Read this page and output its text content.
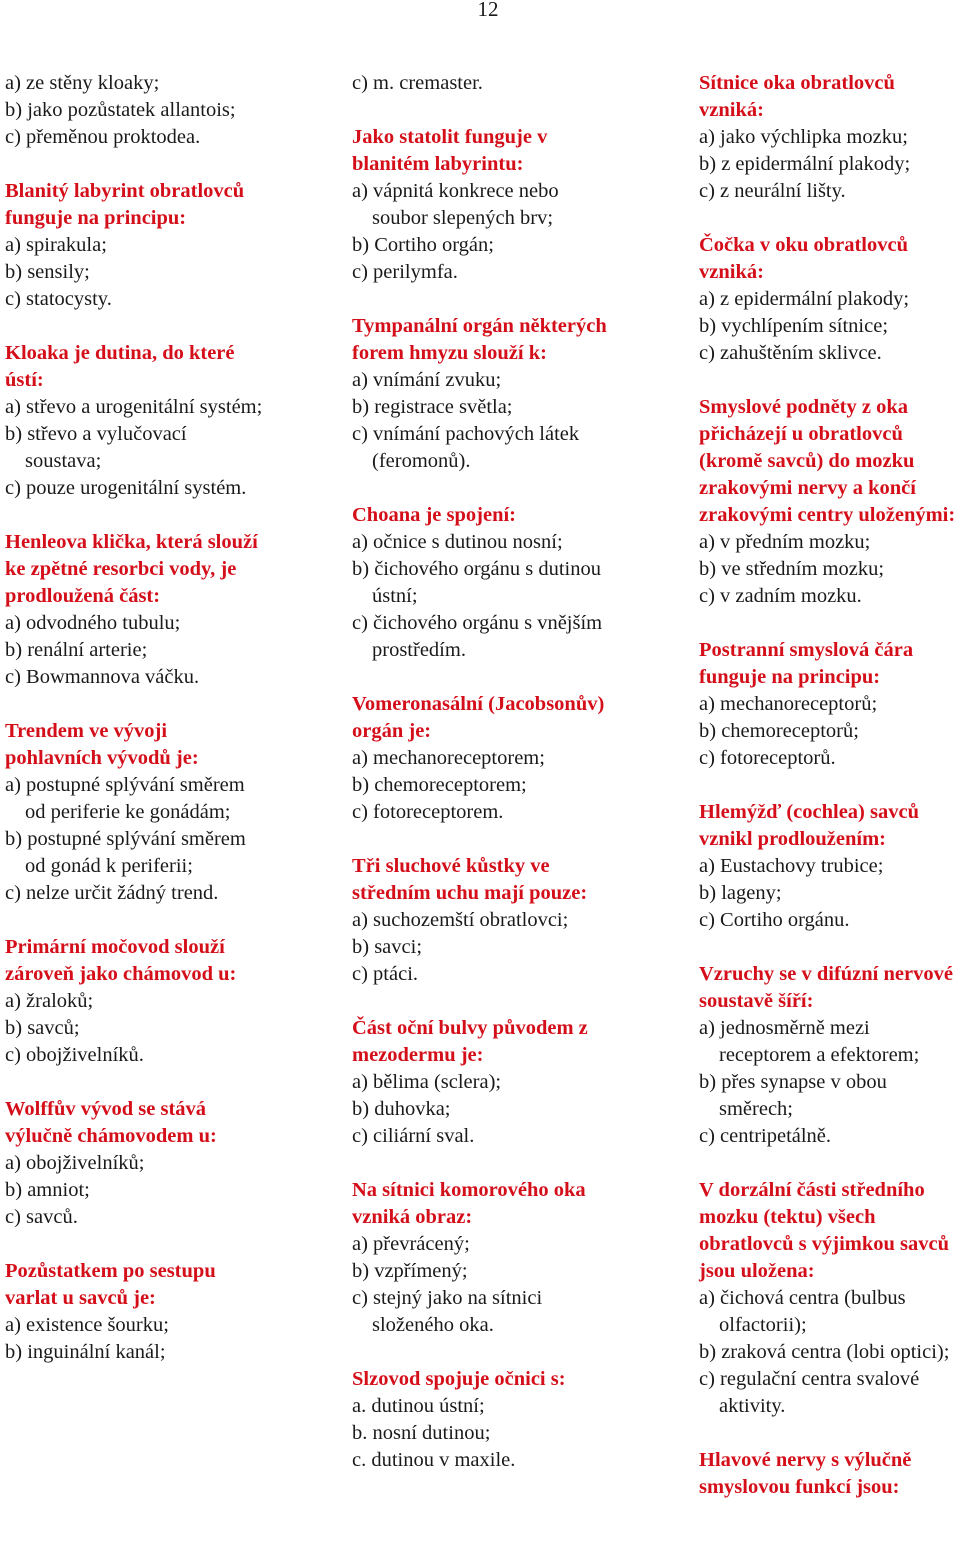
12
a) ze stěny kloaky;
b) jako pozůstatek allantois;
c) přeměnou proktodea.
Blanitý labyrint obratlovců funguje na principu:
a) spirakula;
b) sensily;
c) statocysty.
Kloaka je dutina, do které ústí:
a) střevo a urogenitální systém;
b) střevo a vylučovací soustava;
c) pouze urogenitální systém.
Henleova klička, která slouží ke zpětné resorbci vody, je prodloužená část:
a) odvodného tubulu;
b) renální arterie;
c) Bowmannova váčku.
Trendem ve vývoji pohlavních vývodů je:
a) postupné splývání směrem od periferie ke gonádám;
b) postupné splývání směrem od gonád k periferii;
c) nelze určit žádný trend.
Primární močovod slouží zároveň jako chámovod u:
a) žraloků;
b) savců;
c) obojživelníků.
Wolffův vývod se stává výlučně chámovodem u:
a) obojživelníků;
b) amniot;
c) savců.
Pozůstatkem po sestupu varlat u savců je:
a) existence šourku;
b) inguinální kanál;
c) m. cremaster.
Jako statolit funguje v blanitém labyrintu:
a) vápnitá konkrece nebo soubor slepených brv;
b) Cortiho orgán;
c) perilymfa.
Tympanální orgán některých forem hmyzu slouží k:
a) vnímání zvuku;
b) registrace světla;
c) vnímání pachových látek (feromonů).
Choana je spojení:
a) očnice s dutinou nosní;
b) čichového orgánu s dutinou ústní;
c) čichového orgánu s vnějším prostředím.
Vomeronasální (Jacobsonův) orgán je:
a) mechanoreceptorem;
b) chemoreceptorem;
c) fotoreceptorem.
Tři sluchové kůstky ve středním uchu mají pouze:
a) suchozemští obratlovci;
b) savci;
c) ptáci.
Část oční bulvy původem z mezodermu je:
a) bělima (sclera);
b) duhovka;
c) ciliární sval.
Na sítnici komorového oka vzniká obraz:
a) převrácený;
b) vzpřímený;
c) stejný jako na sítnici složeného oka.
Slzovod spojuje očnici s:
a. dutinou ústní;
b. nosní dutinou;
c. dutinou v maxile.
Sítnice oka obratlovců vzniká:
a) jako výchlipka mozku;
b) z epidermální plakody;
c) z neurální lišty.
Čočka v oku obratlovců vzniká:
a) z epidermální plakody;
b) vychlípením sítnice;
c) zahuštěním sklivce.
Smyslové podněty z oka přicházejí u obratlovců (kromě savců) do mozku zrakovými nervy a končí zrakovými centry uloženými:
a) v předním mozku;
b) ve středním mozku;
c) v zadním mozku.
Postranní smyslová čára funguje na principu:
a) mechanoreceptorů;
b) chemoreceptorů;
c) fotoreceptorů.
Hlemýžď (cochlea) savců vznikl prodloužením:
a) Eustachovy trubice;
b) lageny;
c) Cortiho orgánu.
Vzruchy se v difúzní nervové soustavě šíří:
a) jednosměrně mezi receptorem a efektorem;
b) přes synapse v obou směrech;
c) centripetálně.
V dorzální části středního mozku (tektu) všech obratlovců s výjimkou savců jsou uložena:
a) čichová centra (bulbus olfactorii);
b) zraková centra (lobi optici);
c) regulační centra svalové aktivity.
Hlavové nervy s výlučně smyslovou funkcí jsou:
